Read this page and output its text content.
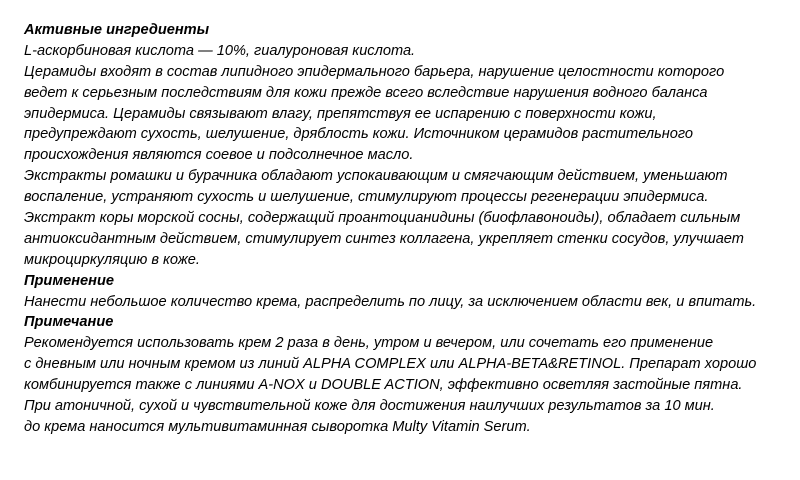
Активные ингредиенты
L-аскорбиновая кислота — 10%, гиалуроновая кислота.
Церамиды входят в состав липидного эпидермального барьера, нарушение целостности которого
ведет к серьезным последствиям для кожи прежде всего вследствие нарушения водного баланса
эпидермиса. Церамиды связывают влагу, препятствуя ее испарению с поверхности кожи,
предупреждают сухость, шелушение, дряблость кожи. Источником церамидов растительного
происхождения являются соевое и подсолнечное масло.
Экстракты ромашки и бурачника обладают успокаивающим и смягчающим действием, уменьшают
воспаление, устраняют сухость и шелушение, стимулируют процессы регенерации эпидермиса.
Экстракт коры морской сосны, содержащий проантоцианидины (биофлавоноиды), обладает сильным
антиоксидантным действием, стимулирует синтез коллагена, укрепляет стенки сосудов, улучшает
микроциркуляцию в коже.
Применение
Нанести небольшое количество крема, распределить по лицу, за исключением области век, и впитать.
Примечание
Рекомендуется использовать крем 2 раза в день, утром и вечером, или сочетать его применение
с дневным или ночным кремом из линий ALPHA COMPLEX или ALPHA-BETA&RETINOL. Препарат хорошо
комбинируется также с линиями A-NOX и DOUBLE ACTION, эффективно осветляя застойные пятна.
При атоничной, сухой и чувствительной коже для достижения наилучших результатов за 10 мин.
до крема наносится мультивитаминная сыворотка Multy Vitamin Serum.
